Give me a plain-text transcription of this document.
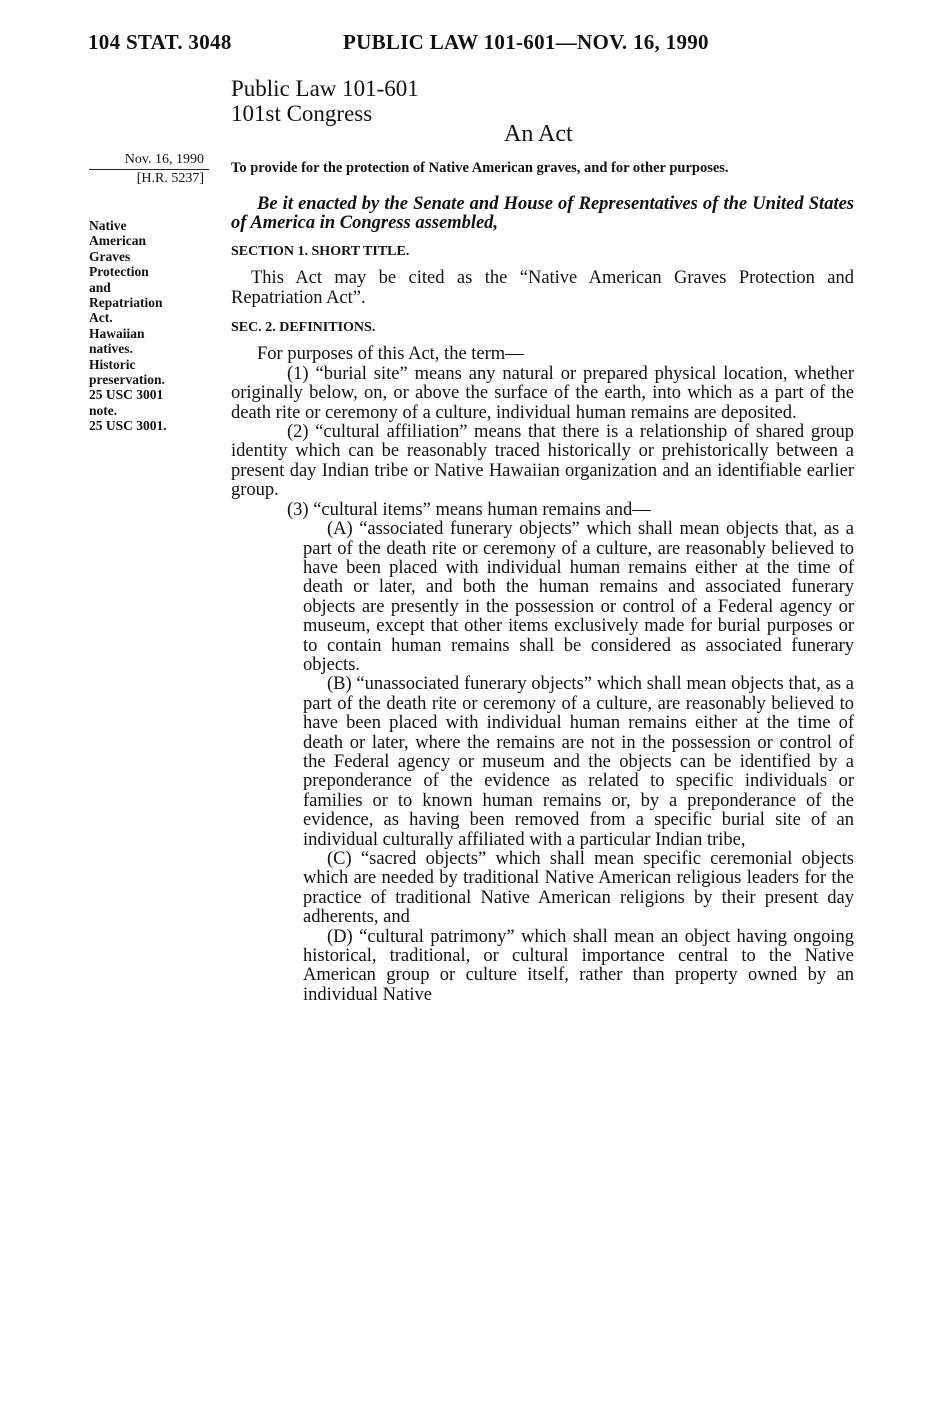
104 STAT. 3048	PUBLIC LAW 101-601—NOV. 16, 1990
Public Law 101-601
101st Congress
An Act
Nov. 16, 1990
[H.R. 5237]
Native
American
Graves
Protection
and
Repatriation
Act.
Hawaiian
natives.
Historic
preservation.
25 USC 3001
note.
25 USC 3001.
To provide for the protection of Native American graves, and for other purposes.

Be it enacted by the Senate and House of Representatives of the United States of America in Congress assembled,

SECTION 1. SHORT TITLE.

This Act may be cited as the “Native American Graves Protection and Repatriation Act”.

SEC. 2. DEFINITIONS.

For purposes of this Act, the term—

(1) “burial site” means any natural or prepared physical location, whether originally below, on, or above the surface of the earth, into which as a part of the death rite or ceremony of a culture, individual human remains are deposited.

(2) “cultural affiliation” means that there is a relationship of shared group identity which can be reasonably traced historically or prehistorically between a present day Indian tribe or Native Hawaiian organization and an identifiable earlier group.

(3) “cultural items” means human remains and—

(A) “associated funerary objects” which shall mean objects that, as a part of the death rite or ceremony of a culture, are reasonably believed to have been placed with individual human remains either at the time of death or later, and both the human remains and associated funerary objects are presently in the possession or control of a Federal agency or museum, except that other items exclusively made for burial purposes or to contain human remains shall be considered as associated funerary objects.

(B) “unassociated funerary objects” which shall mean objects that, as a part of the death rite or ceremony of a culture, are reasonably believed to have been placed with individual human remains either at the time of death or later, where the remains are not in the possession or control of the Federal agency or museum and the objects can be identified by a preponderance of the evidence as related to specific individuals or families or to known human remains or, by a preponderance of the evidence, as having been removed from a specific burial site of an individual culturally affiliated with a particular Indian tribe,

(C) “sacred objects” which shall mean specific ceremonial objects which are needed by traditional Native American religious leaders for the practice of traditional Native American religions by their present day adherents, and

(D) “cultural patrimony” which shall mean an object having ongoing historical, traditional, or cultural importance central to the Native American group or culture itself, rather than property owned by an individual Native
